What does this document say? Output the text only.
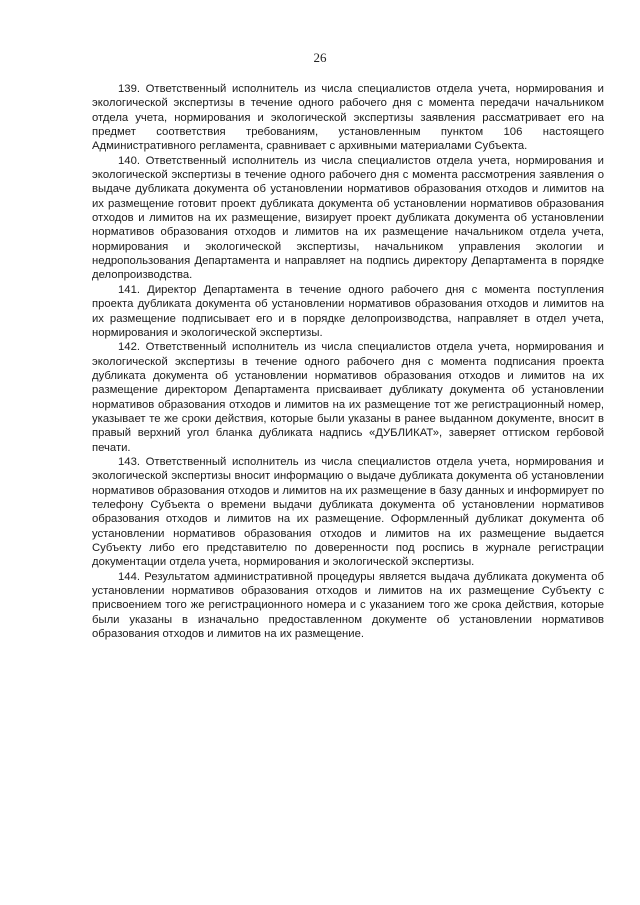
26

139. Ответственный исполнитель из числа специалистов отдела учета, нормирования и экологической экспертизы в течение одного рабочего дня с момента передачи начальником отдела учета, нормирования и экологической экспертизы заявления рассматривает его на предмет соответствия требованиям, установленным пунктом 106 настоящего Административного регламента, сравнивает с архивными материалами Субъекта.

140. Ответственный исполнитель из числа специалистов отдела учета, нормирования и экологической экспертизы в течение одного рабочего дня с момента рассмотрения заявления о выдаче дубликата документа об установлении нормативов образования отходов и лимитов на их размещение готовит проект дубликата документа об установлении нормативов образования отходов и лимитов на их размещение, визирует проект дубликата документа об установлении нормативов образования отходов и лимитов на их размещение начальником отдела учета, нормирования и экологической экспертизы, начальником управления экологии и недропользования Департамента и направляет на подпись директору Департамента в порядке делопроизводства.

141. Директор Департамента в течение одного рабочего дня с момента поступления проекта дубликата документа об установлении нормативов образования отходов и лимитов на их размещение подписывает его и в порядке делопроизводства, направляет в отдел учета, нормирования и экологической экспертизы.

142. Ответственный исполнитель из числа специалистов отдела учета, нормирования и экологической экспертизы в течение одного рабочего дня с момента подписания проекта дубликата документа об установлении нормативов образования отходов и лимитов на их размещение директором Департамента присваивает дубликату документа об установлении нормативов образования отходов и лимитов на их размещение тот же регистрационный номер, указывает те же сроки действия, которые были указаны в ранее выданном документе, вносит в правый верхний угол бланка дубликата надпись «ДУБЛИКАТ», заверяет оттиском гербовой печати.

143. Ответственный исполнитель из числа специалистов отдела учета, нормирования и экологической экспертизы вносит информацию о выдаче дубликата документа об установлении нормативов образования отходов и лимитов на их размещение в базу данных и информирует по телефону Субъекта о времени выдачи дубликата документа об установлении нормативов образования отходов и лимитов на их размещение. Оформленный дубликат документа об установлении нормативов образования отходов и лимитов на их размещение выдается Субъекту либо его представителю по доверенности под роспись в журнале регистрации документации отдела учета, нормирования и экологической экспертизы.

144. Результатом административной процедуры является выдача дубликата документа об установлении нормативов образования отходов и лимитов на их размещение Субъекту с присвоением того же регистрационного номера и с указанием того же срока действия, которые были указаны в изначально предоставленном документе об установлении нормативов образования отходов и лимитов на их размещение.
